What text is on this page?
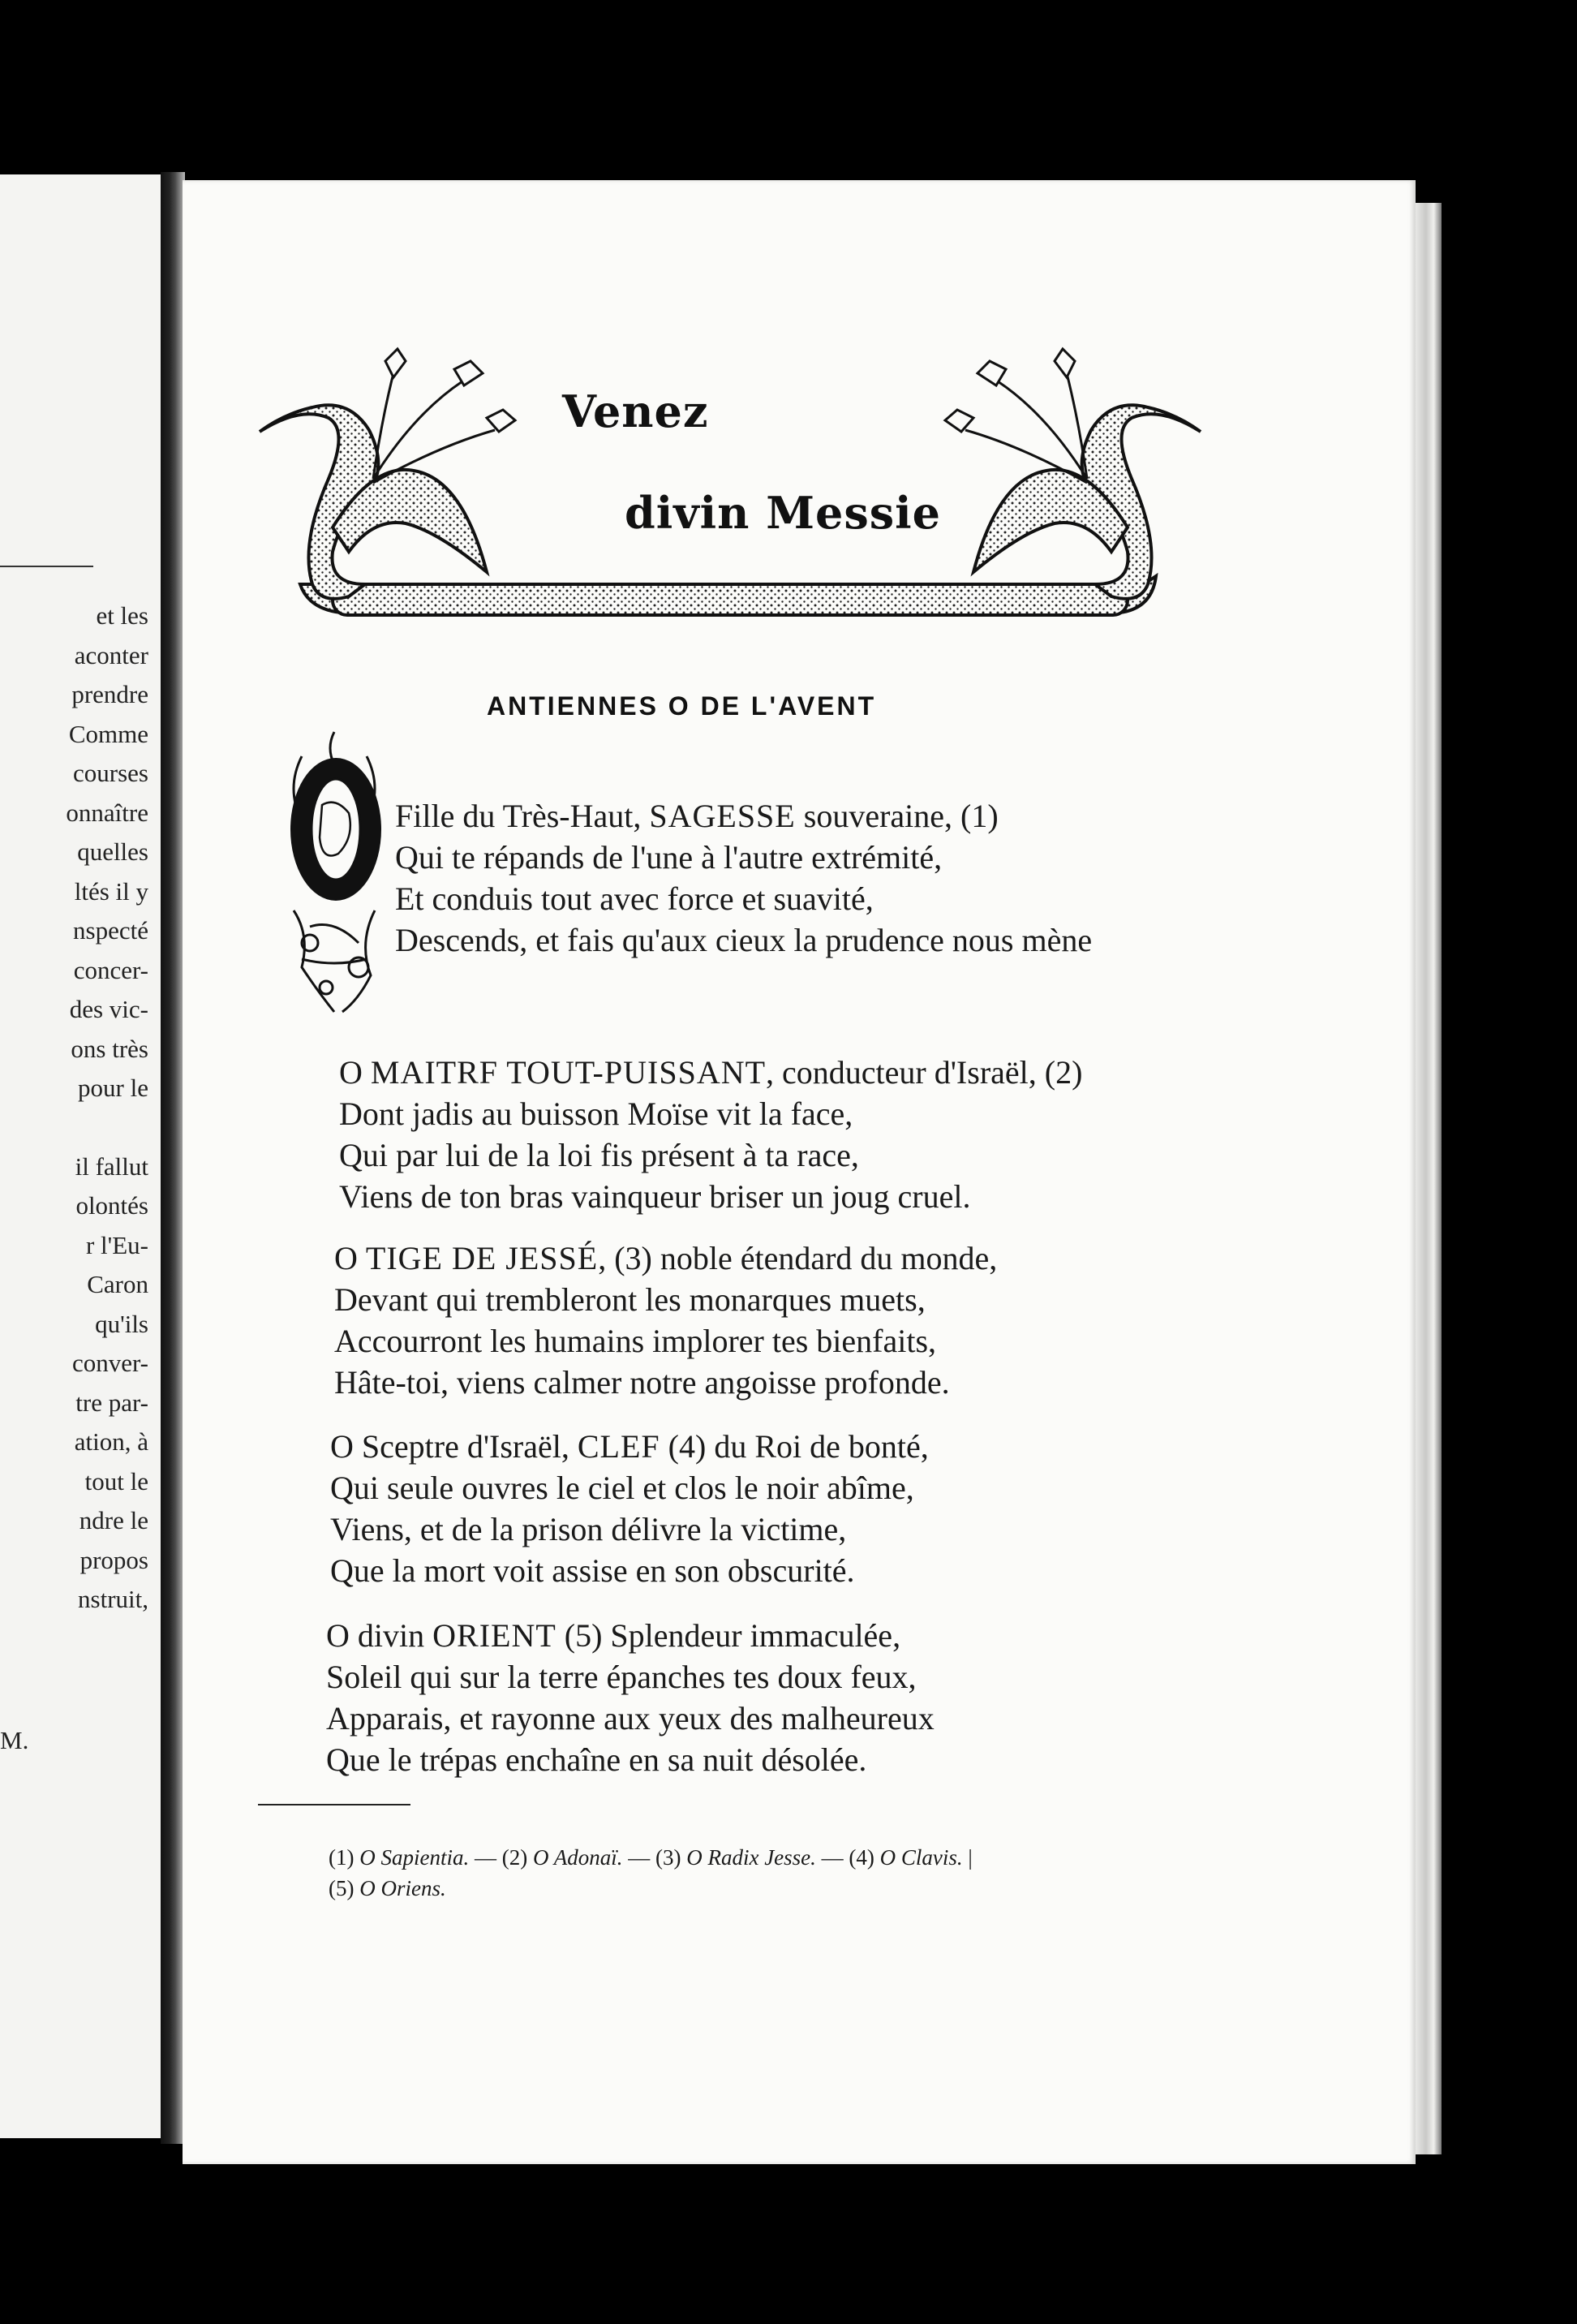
et les
aconter
prendre
Comme
courses
onnaître
quelles
ltés il y
nspecté
concer-
des vic-
ons très
pour le
il fallut
olontés
r l'Eu-
Caron
qu'ils
conver-
tre par-
ation, à
tout le
ndre le
propos
nstruit,
M.
Venez
divin Messie
ANTIENNES O DE L'AVENT
Fille du Très-Haut, SAGESSE souveraine, (1)
Qui te répands de l'une à l'autre extrémité,
Et conduis tout avec force et suavité,
Descends, et fais qu'aux cieux la prudence nous mène
O MAITRF TOUT-PUISSANT, conducteur d'Israël, (2)
Dont jadis au buisson Moïse vit la face,
Qui par lui de la loi fis présent à ta race,
Viens de ton bras vainqueur briser un joug cruel.
O TIGE DE JESSÉ, (3) noble étendard du monde,
Devant qui trembleront les monarques muets,
Accourront les humains implorer tes bienfaits,
Hâte-toi, viens calmer notre angoisse profonde.
O Sceptre d'Israël, CLEF (4) du Roi de bonté,
Qui seule ouvres le ciel et clos le noir abîme,
Viens, et de la prison délivre la victime,
Que la mort voit assise en son obscurité.
O divin ORIENT (5) Splendeur immaculée,
Soleil qui sur la terre épanches tes doux feux,
Apparais, et rayonne aux yeux des malheureux
Que le trépas enchaîne en sa nuit désolée.
(1) O Sapientia. — (2) O Adonaï. — (3) O Radix Jesse. — (4) O Clavis. |
(5) O Oriens.
